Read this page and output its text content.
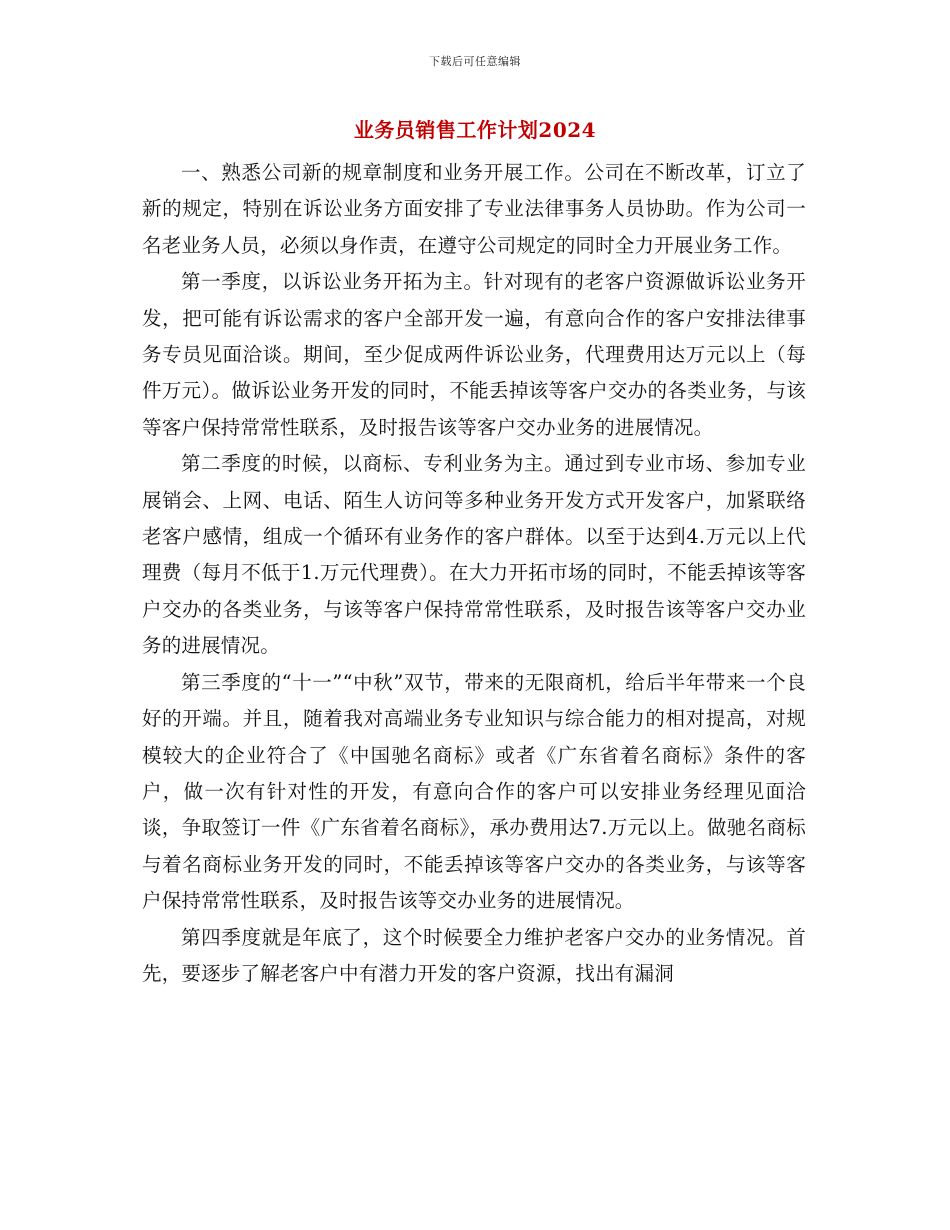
下载后可任意编辑
业务员销售工作计划2024

一、熟悉公司新的规章制度和业务开展工作。公司在不断改革，订立了新的规定，特别在诉讼业务方面安排了专业法律事务人员协助。作为公司一名老业务人员，必须以身作责，在遵守公司规定的同时全力开展业务工作。

第一季度，以诉讼业务开拓为主。针对现有的老客户资源做诉讼业务开发，把可能有诉讼需求的客户全部开发一遍，有意向合作的客户安排法律事务专员见面洽谈。期间，至少促成两件诉讼业务，代理费用达万元以上（每件万元）。做诉讼业务开发的同时，不能丢掉该等客户交办的各类业务，与该等客户保持常常性联系，及时报告该等客户交办业务的进展情况。

第二季度的时候，以商标、专利业务为主。通过到专业市场、参加专业展销会、上网、电话、陌生人访问等多种业务开发方式开发客户，加紧联络老客户感情，组成一个循环有业务作的客户群体。以至于达到4.万元以上代理费（每月不低于1.万元代理费）。在大力开拓市场的同时，不能丢掉该等客户交办的各类业务，与该等客户保持常常性联系，及时报告该等客户交办业务的进展情况。

第三季度的“十一”“中秋”双节，带来的无限商机，给后半年带来一个良好的开端。并且，随着我对高端业务专业知识与综合能力的相对提高，对规模较大的企业符合了《中国驰名商标》或者《广东省着名商标》条件的客户，做一次有针对性的开发，有意向合作的客户可以安排业务经理见面洽谈，争取签订一件《广东省着名商标》，承办费用达7.万元以上。做驰名商标与着名商标业务开发的同时，不能丢掉该等客户交办的各类业务，与该等客户保持常常性联系，及时报告该等交办业务的进展情况。

第四季度就是年底了，这个时候要全力维护老客户交办的业务情况。首先，要逐步了解老客户中有潜力开发的客户资源，找出有漏洞
